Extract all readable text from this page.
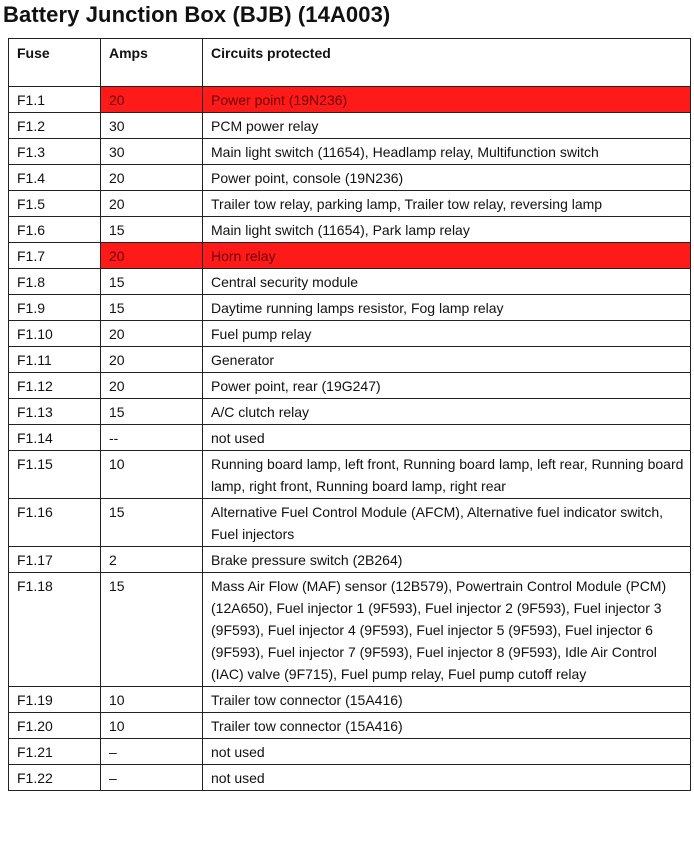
Battery Junction Box (BJB) (14A003)
Fuse	Amps	Circuits protected
F1.1	20	Power point (19N236)
F1.2	30	PCM power relay
F1.3	30	Main light switch (11654), Headlamp relay, Multifunction switch
F1.4	20	Power point, console (19N236)
F1.5	20	Trailer tow relay, parking lamp, Trailer tow relay, reversing lamp
F1.6	15	Main light switch (11654), Park lamp relay
F1.7	20	Horn relay
F1.8	15	Central security module
F1.9	15	Daytime running lamps resistor, Fog lamp relay
F1.10	20	Fuel pump relay
F1.11	20	Generator
F1.12	20	Power point, rear (19G247)
F1.13	15	A/C clutch relay
F1.14	--	not used
F1.15	10	Running board lamp, left front, Running board lamp, left rear, Running board lamp, right front, Running board lamp, right rear
F1.16	15	Alternative Fuel Control Module (AFCM), Alternative fuel indicator switch, Fuel injectors
F1.17	2	Brake pressure switch (2B264)
F1.18	15	Mass Air Flow (MAF) sensor (12B579), Powertrain Control Module (PCM) (12A650), Fuel injector 1 (9F593), Fuel injector 2 (9F593), Fuel injector 3 (9F593), Fuel injector 4 (9F593), Fuel injector 5 (9F593), Fuel injector 6 (9F593), Fuel injector 7 (9F593), Fuel injector 8 (9F593), Idle Air Control (IAC) valve (9F715), Fuel pump relay, Fuel pump cutoff relay
F1.19	10	Trailer tow connector (15A416)
F1.20	10	Trailer tow connector (15A416)
F1.21	–	not used
F1.22	–	not used
